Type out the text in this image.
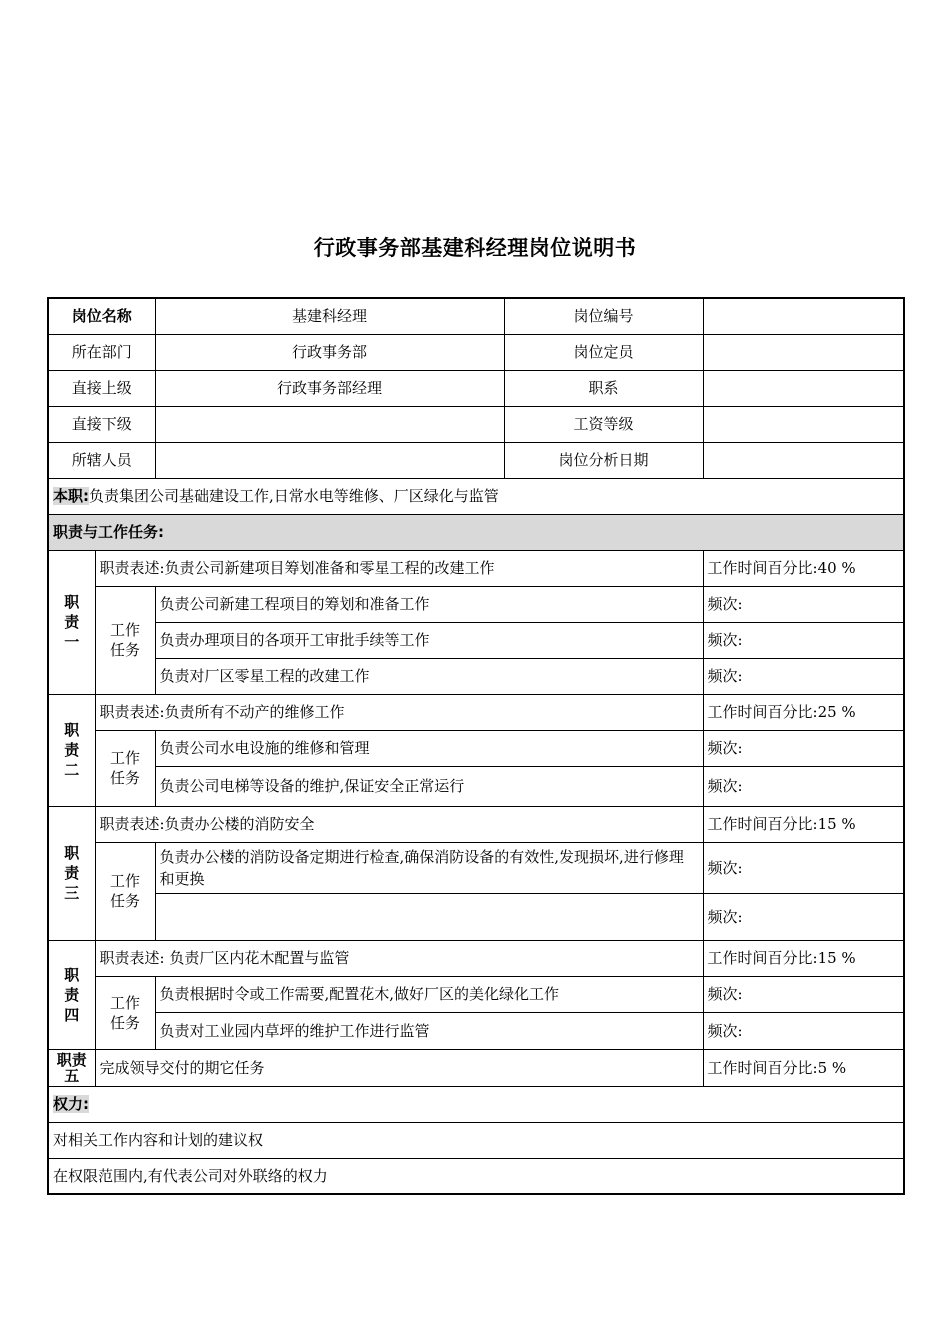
行政事务部基建科经理岗位说明书
岗位名称		基建科经理	岗位编号	
所在部门		行政事务部	岗位定员	
直接上级		行政事务部经理	职系	
直接下级			工资等级	
所辖人员			岗位分析日期	
本职:负责集团公司基础建设工作,日常水电等维修、厂区绿化与监管				
职责与工作任务:				

职
责
一	职责表述:负责公司新建项目筹划准备和零星工程的改建工作			工作时间百分比:40 %

	工作
任务	负责公司新建工程项目的筹划和准备工作		频次:
		负责办理项目的各项开工审批手续等工作		频次:
		负责对厂区零星工程的改建工作		频次:

职
责
二	职责表述:负责所有不动产的维修工作			工作时间百分比:25 %

	工作
任务	负责公司水电设施的维修和管理		频次:
		负责公司电梯等设备的维护,保证安全正常运行		频次:

职
责
三	职责表述:负责办公楼的消防安全			工作时间百分比:15 %

	工作
任务	负责办公楼的消防设备定期进行检查,确保消防设备的有效性,发现损坏,进行修理和更换		频次:
				频次:

职
责
四	职责表述: 负责厂区内花木配置与监管			工作时间百分比:15 %

	工作
任务	负责根据时令或工作需要,配置花木,做好厂区的美化绿化工作		频次:
		负责对工业园内草坪的维护工作进行监管		频次:

职责
五	完成领导交付的期它任务			工作时间百分比:5 %
权力:				
对相关工作内容和计划的建议权				
在权限范围内,有代表公司对外联络的权力				
